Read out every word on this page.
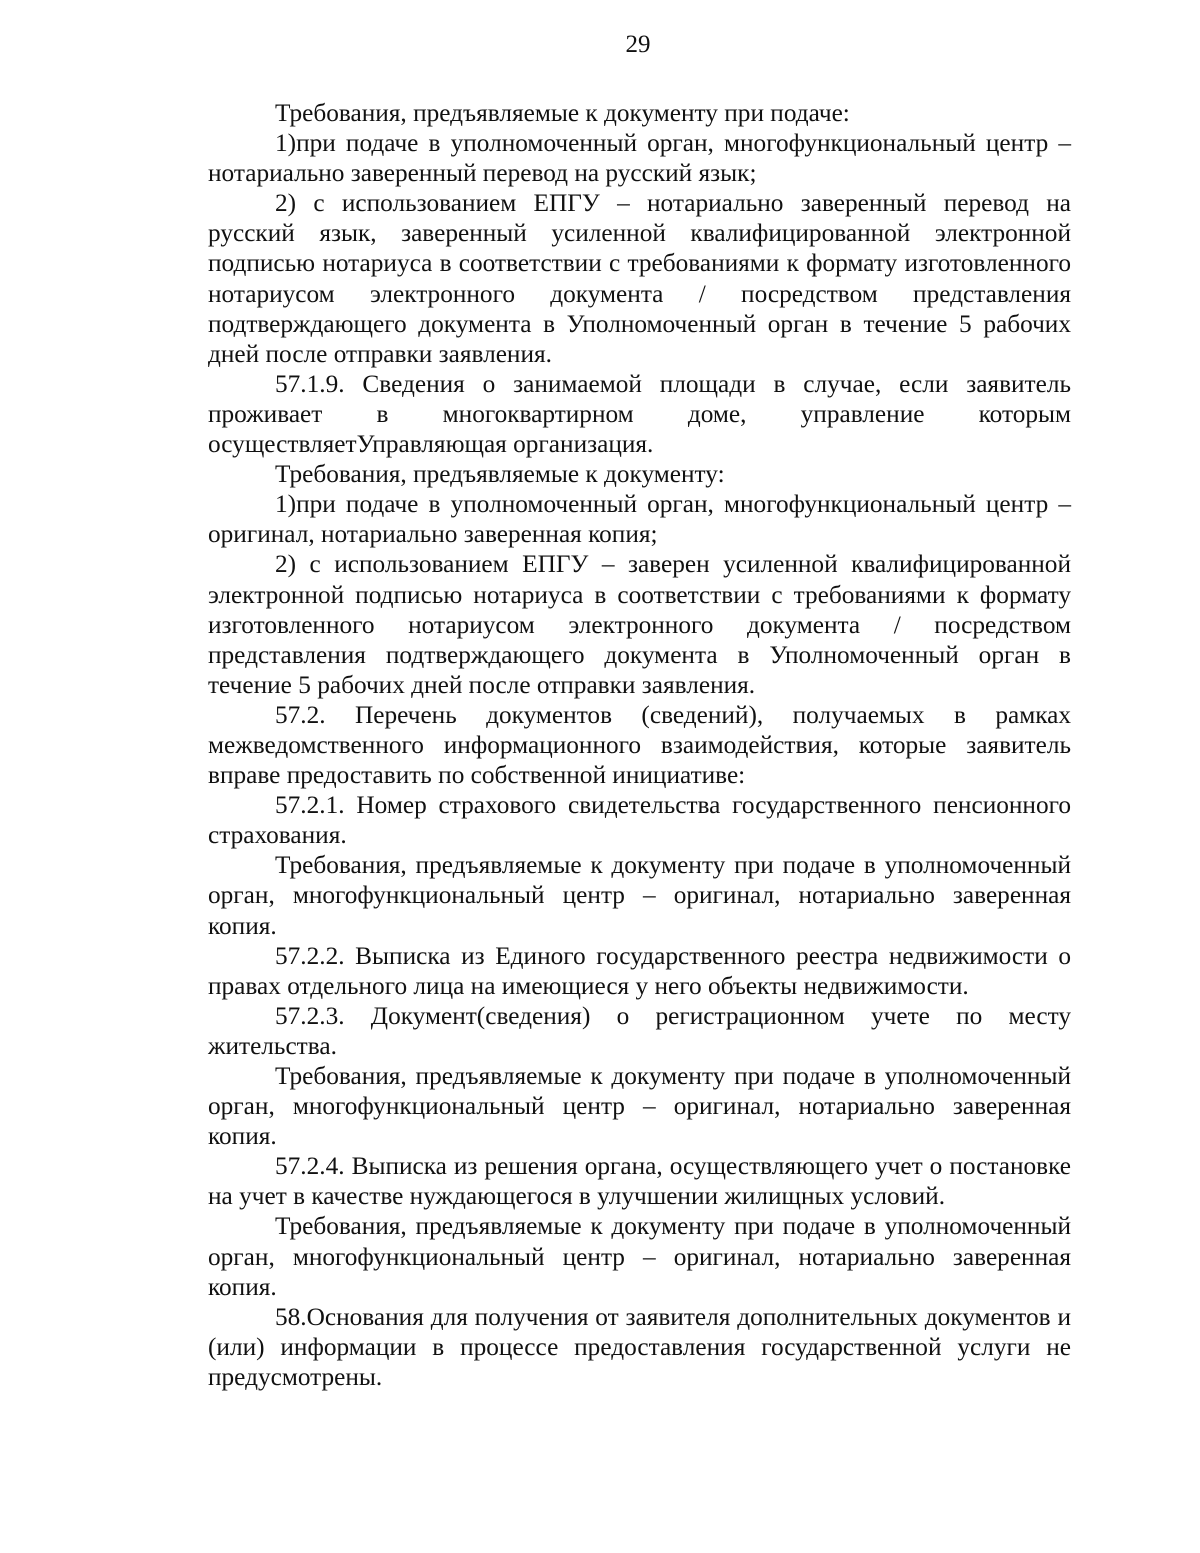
29

Требования, предъявляемые к документу при подаче:

1)при подаче в уполномоченный орган, многофункциональный центр – нотариально заверенный перевод на русский язык;

2) с использованием ЕПГУ – нотариально заверенный перевод на русский язык, заверенный усиленной квалифицированной электронной подписью нотариуса в соответствии с требованиями к формату изготовленного нотариусом электронного документа / посредством представления подтверждающего документа в Уполномоченный орган в течение 5 рабочих дней после отправки заявления.

57.1.9. Сведения о занимаемой площади в случае, если заявитель проживает в многоквартирном доме, управление которым осуществляетУправляющая организация.

Требования, предъявляемые к документу:

1)при подаче в уполномоченный орган, многофункциональный центр – оригинал, нотариально заверенная копия;

2) с использованием ЕПГУ – заверен усиленной квалифицированной электронной подписью нотариуса в соответствии с требованиями к формату изготовленного нотариусом электронного документа / посредством представления подтверждающего документа в Уполномоченный орган в течение 5 рабочих дней после отправки заявления.

57.2. Перечень документов (сведений), получаемых в рамках межведомственного информационного взаимодействия, которые заявитель вправе предоставить по собственной инициативе:

57.2.1. Номер страхового свидетельства государственного пенсионного страхования.

Требования, предъявляемые к документу при подаче в уполномоченный орган, многофункциональный центр – оригинал, нотариально заверенная копия.

57.2.2. Выписка из Единого государственного реестра недвижимости о правах отдельного лица на имеющиеся у него объекты недвижимости.

57.2.3. Документ(сведения) о регистрационном учете по месту жительства.

Требования, предъявляемые к документу при подаче в уполномоченный орган, многофункциональный центр – оригинал, нотариально заверенная копия.

57.2.4. Выписка из решения органа, осуществляющего учет о постановке на учет в качестве нуждающегося в улучшении жилищных условий.

Требования, предъявляемые к документу при подаче в уполномоченный орган, многофункциональный центр – оригинал, нотариально заверенная копия.

58.Основания для получения от заявителя дополнительных документов и (или) информации в процессе предоставления государственной услуги не предусмотрены.
